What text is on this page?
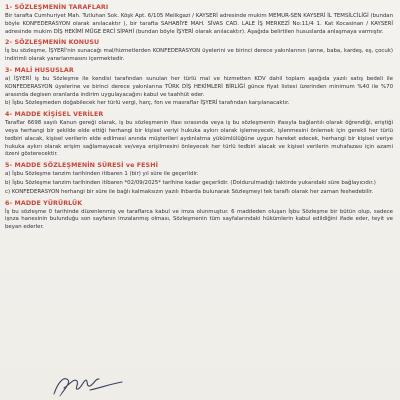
1- SÖZLEŞMENİN TARAFLARI
Bir tarafta Cumhuriyet Mah. Tutluhan Sok. Köşk Apt. 6/105 Melikgazi / KAYSERİ adresinde mukim MEMUR-SEN KAYSERİ İL TEMSİLCİLİĞİ (bundan böyle KONFEDERASYON olarak anılacaktır ), bir tarafta SAHABİYE MAH. SİVAS CAD. LALE İŞ MERKEZİ No:11/4 1. Kat Kocasinan / KAYSERİ adresinde mukim DİŞ HEKİMİ MÜGE ERCİ SİPAHİ (bundan böyle İŞYERİ olarak anılacaktır). Aşağıda belirtilen hususlarda anlaşmaya varmıştır.
2- SÖZLEŞMENİN KONUSU
İş bu sözleşme, İŞYERİ'nin sunacağı mal/hizmetlerden KONFEDERASYON üyelerini ve birinci derece yakınlarının (anne, baba, kardeş, eş, çocuk) indirimli olarak yararlanmasını içermektedir.
3- MALİ HUSUSLAR
a) İŞYERİ iş bu Sözleşme ile kendisi tarafından sunulan her türlü mal ve hizmetten KDV dahil toplam aşağıda yazılı satış bedeli ile KONFEDERASYON üyelerine ve birinci derece yakınlarına TÜRK DİŞ HEKİMLERİ BİRLİĞİ günce fiyat listesi üzerinden minimum %40 ile %70 arasında degisen oranlarda indirim uygulayacağını kabul ve taahhüt eder.
b) İşbu Sözleşmeden doğabilecek her türlü vergi, harç, fon ve masraflar İŞYERİ tarafından karşılanacaktır.
4- MADDE KİŞİSEL VERİLER
Taraflar 6698 sayılı Kanun gereği olarak, iş bu sözleşmenin ifası sırasında veya iş bu sözleşmenin ifasıyla bağlantılı olarak öğrendiği, eriştiği veya herhangi bir şekilde elde ettiği herhangi bir kişisel veriyi hukuka aykırı olarak işlemeyecek, işlenmesini önlemek için gerekli her türlü tedbiri alacak, kişisel verilerin elde edilmesi anında müşterileri aydınlatma yükümlülüğüne uygun hareket edecek, herhangi bir kişisel veriye hukuka aykırı olarak erişim sağlamayacak ve/veya erişilmesini önleyecek her türlü tedbiri alacak ve kişisel verilerin muhafazası için azami özeni gösterecektir.
5- MADDE SÖZLEŞMENİN SÜRESİ ve FESHİ
a) İşbu Sözleşme tanzim tarihinden itibaren 1 (bir) yıl süre ile geçerlidir.
b) İşbu Sözleşme tanzim tarihinden itibaren *02/09/2025* tarihine kadar geçerlidir. (Doldurulmadığı taktirde yukarıdaki süre bağlayıcıdır.)
c) KONFEDERASYON herhangi bir süre ile bağlı kalmaksızın yazılı ihbarda bulunarak Sözleşmeyi tek taraflı olarak her zaman feshedebilir.
6- MADDE YÜRÜRLÜK
İş bu sözleşme 0 tarihinde düzenlenmiş ve taraflarca kabul ve imza olunmuştur. 6 maddeden oluşan İşbu Sözleşme bir bütün olup, sadece işnza hanesinin bulunduğu son sayfanın imzalanmış olması, Sözleşmenin tüm sayfalarındaki hükümlerin kabul edildiğini ifade eder, teyit ve beyan ederler.
